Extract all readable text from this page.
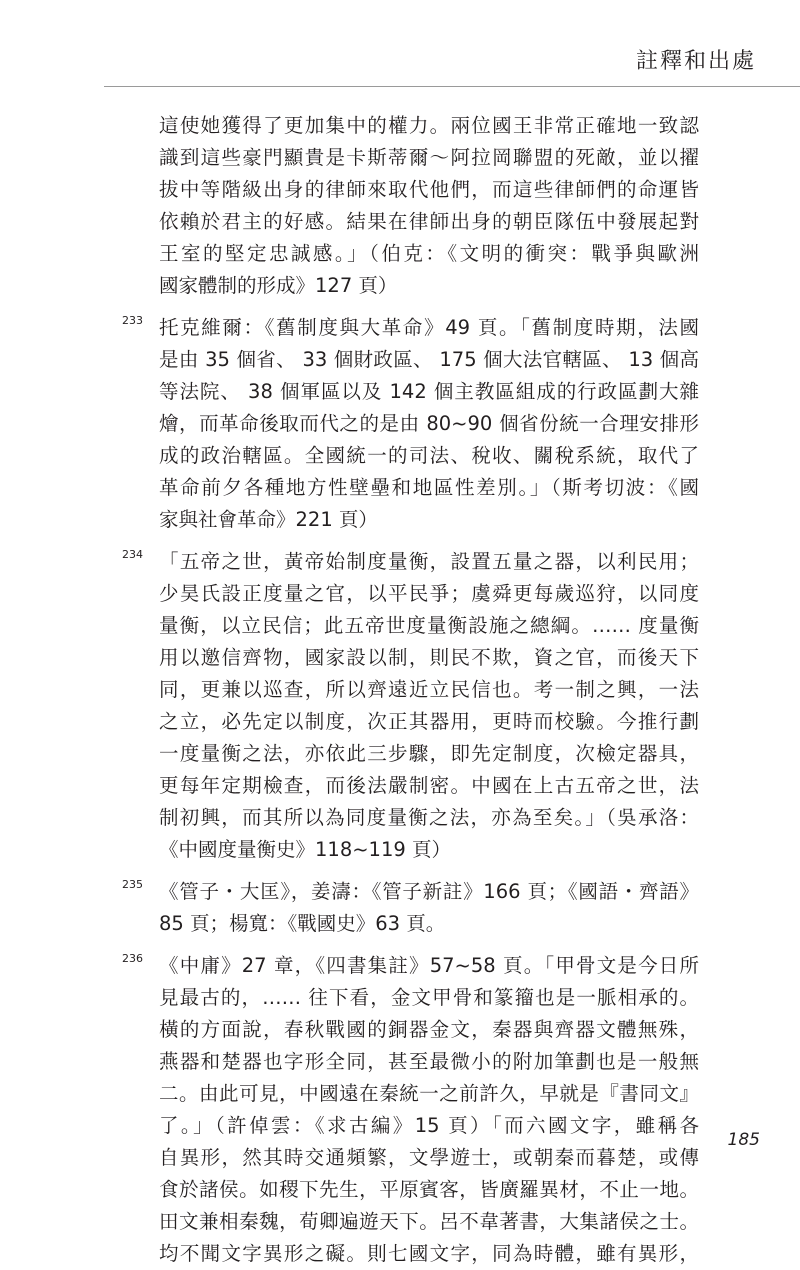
註釋和出處
這使她獲得了更加集中的權力。兩位國王非常正確地一致認
識到這些豪門顯貴是卡斯蒂爾～阿拉岡聯盟的死敵，並以擢
拔中等階級出身的律師來取代他們，而這些律師們的命運皆
依賴於君主的好感。結果在律師出身的朝臣隊伍中發展起對
王室的堅定忠誠感。」（伯克：《文明的衝突：戰爭與歐洲
國家體制的形成》127 頁）
233 托克維爾：《舊制度與大革命》49 頁。「舊制度時期，法國
是由 35 個省、 33 個財政區、 175 個大法官轄區、 13 個高
等法院、 38 個軍區以及 142 個主教區組成的行政區劃大雜
燴，而革命後取而代之的是由 80~90 個省份統一合理安排形
成的政治轄區。全國統一的司法、稅收、關稅系統，取代了
革命前夕各種地方性壁壘和地區性差別。」（斯考切波：《國
家與社會革命》221 頁）
234 「五帝之世，黃帝始制度量衡，設置五量之器，以利民用；
少昊氏設正度量之官，以平民爭；虞舜更每歲巡狩，以同度
量衡，以立民信；此五帝世度量衡設施之總綱。…… 度量衡
用以邀信齊物，國家設以制，則民不欺，資之官，而後天下
同，更兼以巡查，所以齊遠近立民信也。考一制之興，一法
之立，必先定以制度，次正其器用，更時而校驗。今推行劃
一度量衡之法，亦依此三步驟，即先定制度，次檢定器具，
更每年定期檢查，而後法嚴制密。中國在上古五帝之世，法
制初興，而其所以為同度量衡之法，亦為至矣。」（吳承洛：
《中國度量衡史》118~119 頁）
235 《管子・大匡》，姜濤：《管子新註》166 頁；《國語・齊語》
85 頁；楊寬：《戰國史》63 頁。
236 《中庸》27 章，《四書集註》57~58 頁。「甲骨文是今日所
見最古的，…… 往下看，金文甲骨和篆籀也是一脈相承的。
橫的方面說，春秋戰國的銅器金文，秦器與齊器文體無殊，
燕器和楚器也字形全同，甚至最微小的附加筆劃也是一般無
二。由此可見，中國遠在秦統一之前許久，早就是『書同文』
了。」（許倬雲：《求古編》15 頁）「而六國文字，雖稱各
自異形，然其時交通頻繁，文學遊士，或朝秦而暮楚，或傳
食於諸侯。如稷下先生，平原賓客，皆廣羅異材，不止一地。
田文兼相秦魏，荀卿遍遊天下。呂不韋著書，大集諸侯之士。
均不聞文字異形之礙。則七國文字，同為時體，雖有異形，
185
